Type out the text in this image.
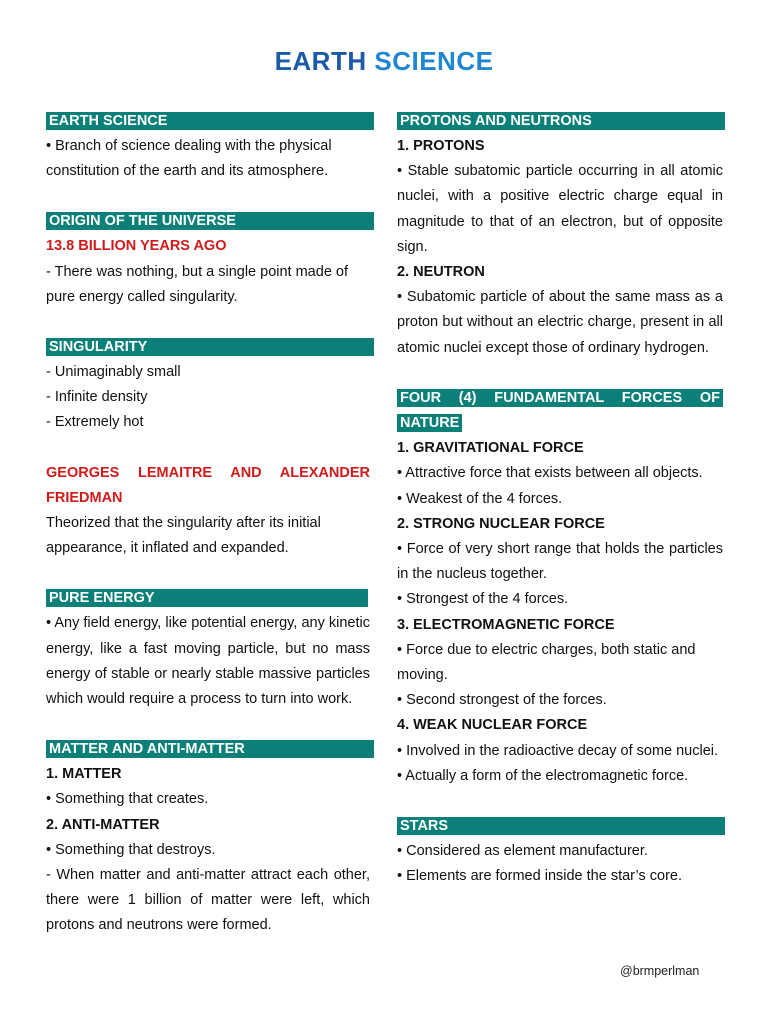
EARTH SCIENCE
EARTH SCIENCE

• Branch of science dealing with the physical constitution of the earth and its atmosphere.

ORIGIN OF THE UNIVERSE

13.8 BILLION YEARS AGO

- There was nothing, but a single point made of pure energy called singularity.

SINGULARITY

- Unimaginably small

- Infinite density

- Extremely hot

GEORGES LEMAITRE AND ALEXANDER FRIEDMAN

Theorized that the singularity after its initial appearance, it inflated and expanded.

PURE ENERGY

• Any field energy, like potential energy, any kinetic energy, like a fast moving particle, but no mass energy of stable or nearly stable massive particles which would require a process to turn into work.

MATTER AND ANTI-MATTER

1. MATTER

• Something that creates.

2. ANTI-MATTER

• Something that destroys.

- When matter and anti-matter attract each other, there were 1 billion of matter were left, which protons and neutrons were formed.

PROTONS AND NEUTRONS

1. PROTONS

• Stable subatomic particle occurring in all atomic nuclei, with a positive electric charge equal in magnitude to that of an electron, but of opposite sign.

2. NEUTRON

• Subatomic particle of about the same mass as a proton but without an electric charge, present in all atomic nuclei except those of ordinary hydrogen.

FOUR (4) FUNDAMENTAL FORCES OF NATURE

1. GRAVITATIONAL FORCE

• Attractive force that exists between all objects.

• Weakest of the 4 forces.

2. STRONG NUCLEAR FORCE

• Force of very short range that holds the particles in the nucleus together.

• Strongest of the 4 forces.

3. ELECTROMAGNETIC FORCE

• Force due to electric charges, both static and moving.

• Second strongest of the forces.

4. WEAK NUCLEAR FORCE

• Involved in the radioactive decay of some nuclei.

• Actually a form of the electromagnetic force.

STARS

• Considered as element manufacturer.

• Elements are formed inside the star’s core.

@brmperlman
